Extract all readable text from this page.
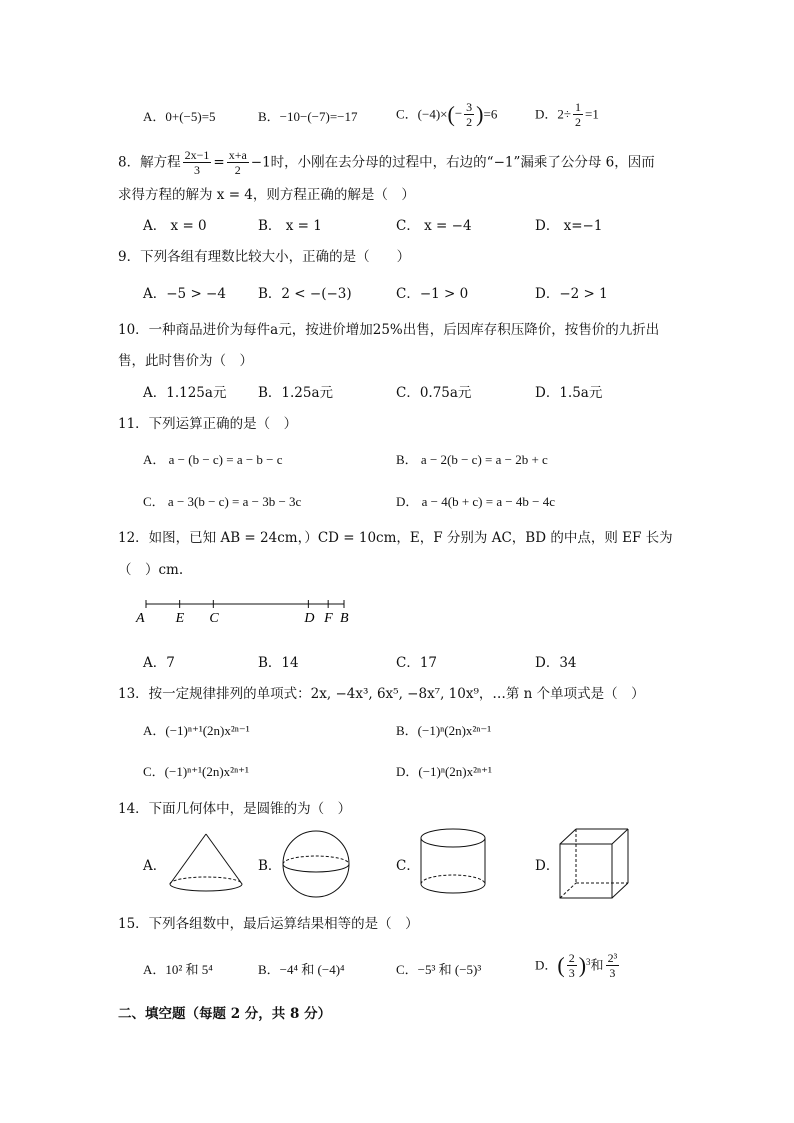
A．0+(−5)=5	B．−10−(−7)=−17	C．$(-4)\times(- \frac{3}{2} )=6$	D．$2\div \frac{1}{2} =1$
8．解方程 $\frac{2x-1}{3} = \frac{x+a}{2} -1$时，小刚在去分母的过程中，右边的“−1”漏乘了公分母 6，因而
求得方程的解为 x = 4，则方程正确的解是（　）
A． x = 0	B． x = 1	C． x = −4	D． x=−1
9．下列各组有理数比较大小，正确的是（　　）
A．−5 > −4 B．2 < −(−3)	C．−1 > 0	D．−2 > 1
10．一种商品进价为每件a元，按进价增加25%出售，后因库存积压降价，按售价的九折出
售，此时售价为（　）
A．1.125a元 B．1.25a元	C．0.75a元	D．1.5a元
11．下列运算正确的是（　）
A． a − (b − c) = a − b − c	B． a − 2(b − c) = a − 2b + c
C． a − 3(b − c) = a − 3b − 3c	D． a − 4(b + c) = a − 4b − 4c
12．如图，已知 AB = 24cm，）CD = 10cm，E，F 分别为 AC，BD 的中点，则 EF 长为
（　）cm.
A E C	D F B
A．7	B．14	C．17	D．34
13．按一定规律排列的单项式：2x, −4x³, 6x⁵, −8x⁷, 10x⁹，…第 n 个单项式是（　）
A．(−1)ⁿ⁺¹(2n)x²ⁿ⁻¹	B．(−1)ⁿ(2n)x²ⁿ⁻¹
C．(−1)ⁿ⁺¹(2n)x²ⁿ⁺¹	D．(−1)ⁿ(2n)x²ⁿ⁺¹
14．下面几何体中，是圆锥的为（　）
A．	B．	C．	D．
15．下列各组数中，最后运算结果相等的是（　）
A．10² 和 5⁴	B．−4⁴ 和 (−4)⁴	C．−5³ 和 (−5)³	D．( $\frac{2}{3} )^3$和 $\frac{\text{2³}}{3}$
二、填空题（每题 2 分，共 8 分）
